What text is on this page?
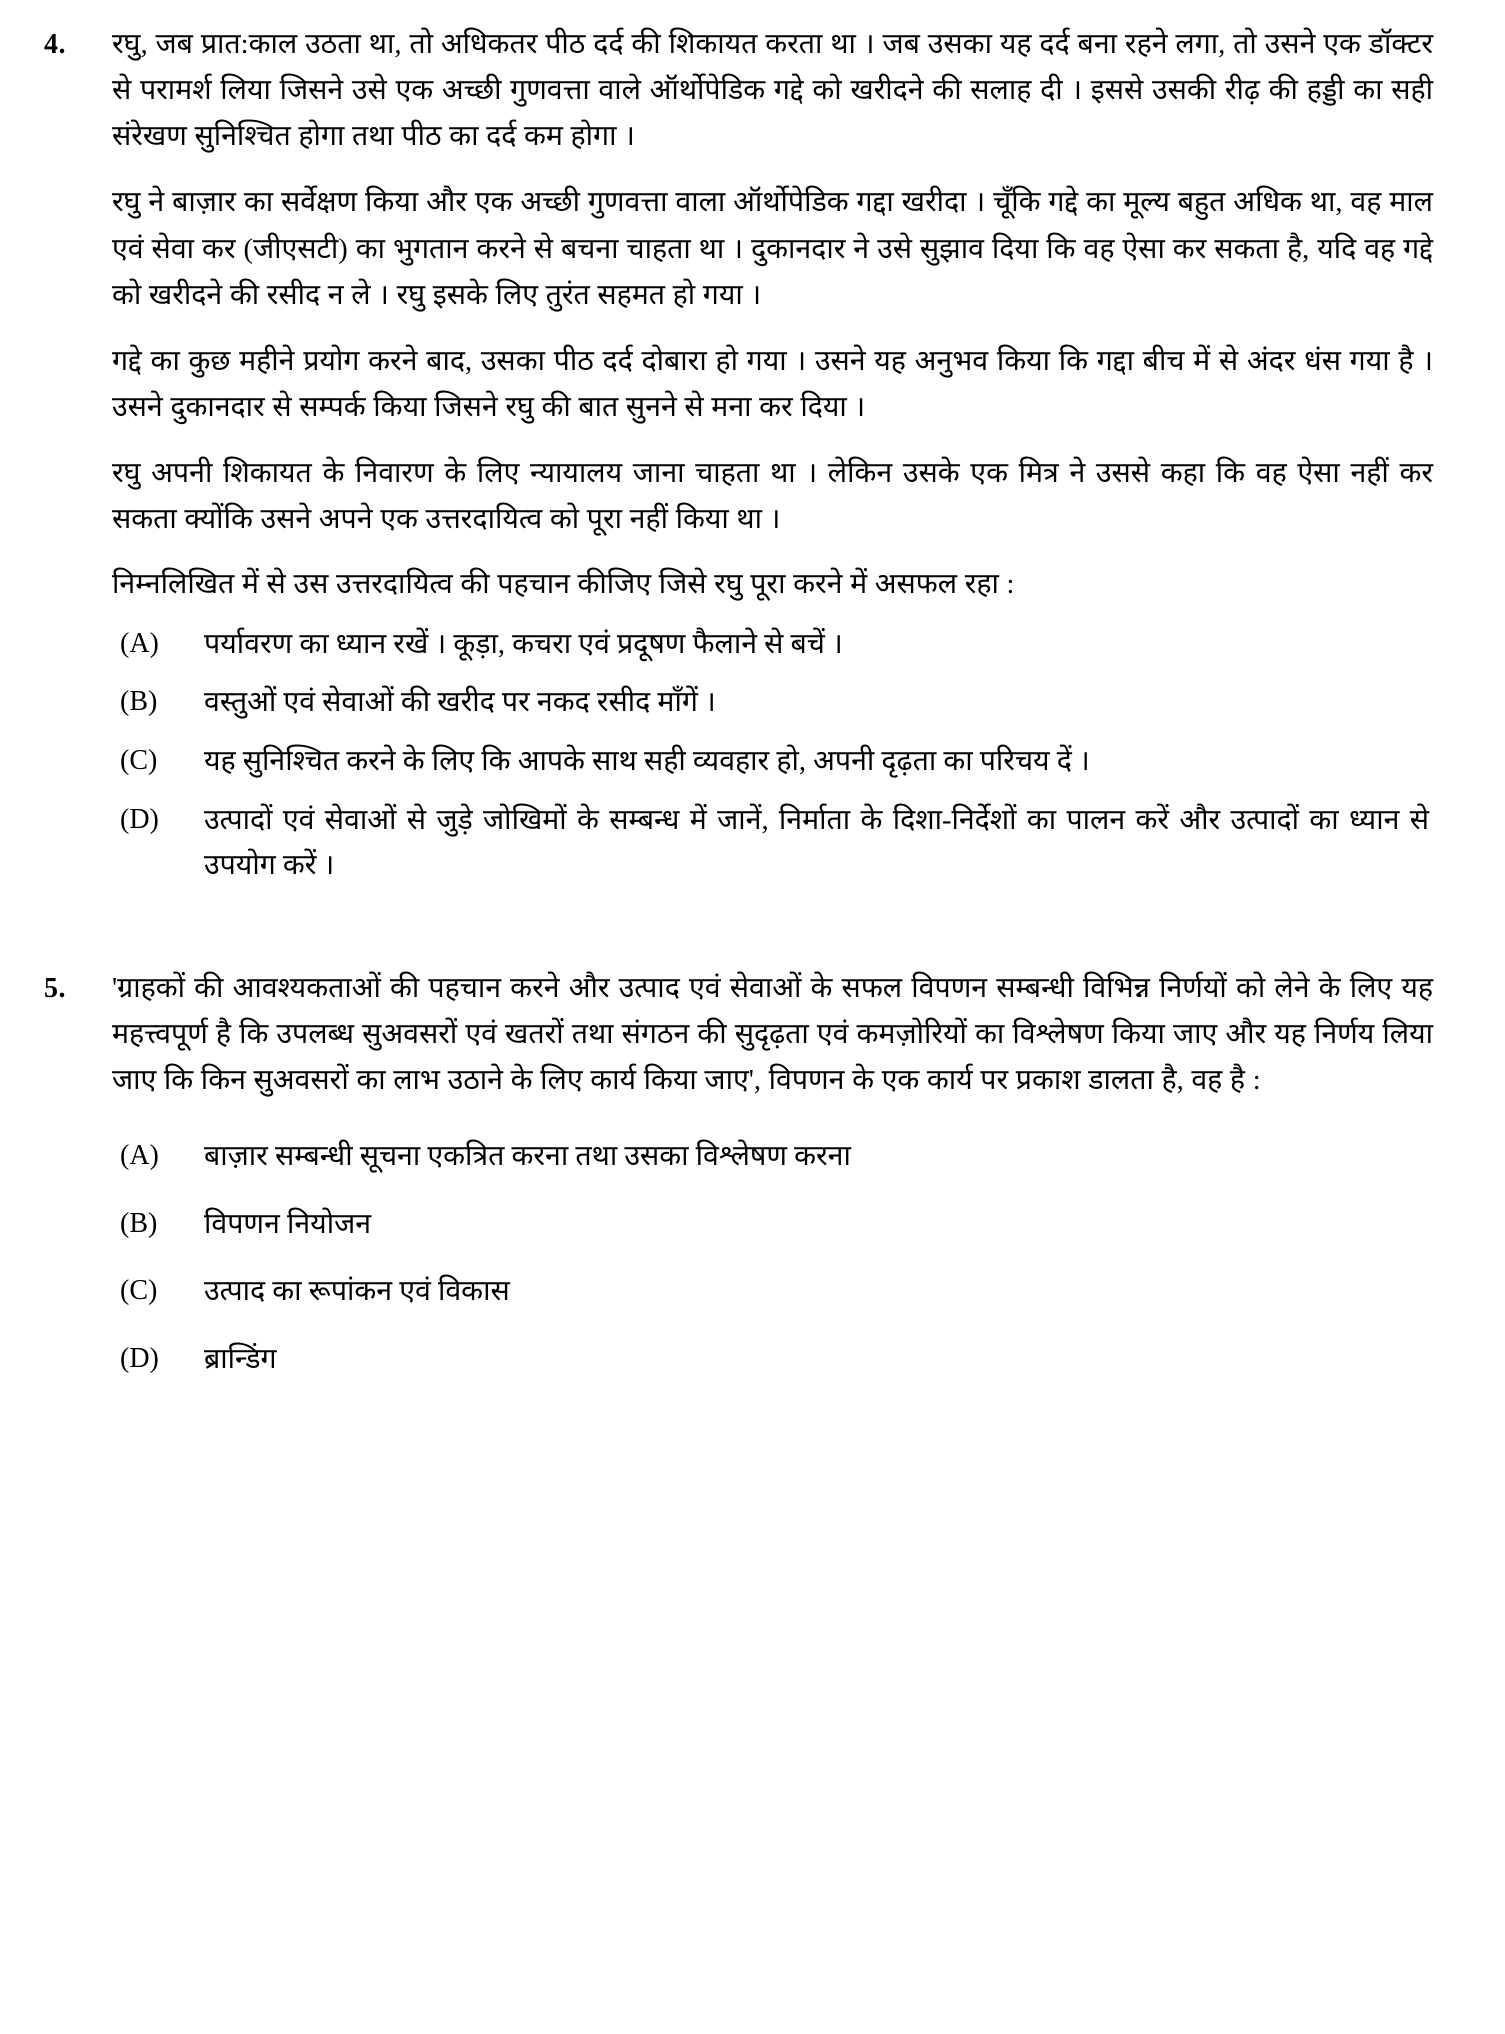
4.	रघु, जब प्रात:काल उठता था, तो अधिकतर पीठ दर्द की शिकायत करता था । जब उसका यह दर्द बना रहने लगा, तो उसने एक डॉक्टर से परामर्श लिया जिसने उसे एक अच्छी गुणवत्ता वाले ऑर्थोपेडिक गद्दे को खरीदने की सलाह दी । इससे उसकी रीढ़ की हड्डी का सही संरेखण सुनिश्चित होगा तथा पीठ का दर्द कम होगा ।

रघु ने बाज़ार का सर्वेक्षण किया और एक अच्छी गुणवत्ता वाला ऑर्थोपेडिक गद्दा खरीदा । चूँकि गद्दे का मूल्य बहुत अधिक था, वह माल एवं सेवा कर (जीएसटी) का भुगतान करने से बचना चाहता था । दुकानदार ने उसे सुझाव दिया कि वह ऐसा कर सकता है, यदि वह गद्दे को खरीदने की रसीद न ले । रघु इसके लिए तुरंत सहमत हो गया ।

गद्दे का कुछ महीने प्रयोग करने बाद, उसका पीठ दर्द दोबारा हो गया । उसने यह अनुभव किया कि गद्दा बीच में से अंदर धंस गया है । उसने दुकानदार से सम्पर्क किया जिसने रघु की बात सुनने से मना कर दिया ।

रघु अपनी शिकायत के निवारण के लिए न्यायालय जाना चाहता था । लेकिन उसके एक मित्र ने उससे कहा कि वह ऐसा नहीं कर सकता क्योंकि उसने अपने एक उत्तरदायित्व को पूरा नहीं किया था ।

निम्नलिखित में से उस उत्तरदायित्व की पहचान कीजिए जिसे रघु पूरा करने में असफल रहा :

(A)	पर्यावरण का ध्यान रखें । कूड़ा, कचरा एवं प्रदूषण फैलाने से बचें ।
(B)	वस्तुओं एवं सेवाओं की खरीद पर नकद रसीद माँगें ।
(C)	यह सुनिश्चित करने के लिए कि आपके साथ सही व्यवहार हो, अपनी दृढ़ता का परिचय दें ।
(D)	उत्पादों एवं सेवाओं से जुड़े जोखिमों के सम्बन्ध में जानें, निर्माता के दिशा-निर्देशों का पालन करें और उत्पादों का ध्यान से उपयोग करें ।
5.	'ग्राहकों की आवश्यकताओं की पहचान करने और उत्पाद एवं सेवाओं के सफल विपणन सम्बन्धी विभिन्न निर्णयों को लेने के लिए यह महत्त्वपूर्ण है कि उपलब्ध सुअवसरों एवं खतरों तथा संगठन की सुदृढ़ता एवं कमज़ोरियों का विश्लेषण किया जाए और यह निर्णय लिया जाए कि किन सुअवसरों का लाभ उठाने के लिए कार्य किया जाए', विपणन के एक कार्य पर प्रकाश डालता है, वह है :

(A)	बाज़ार सम्बन्धी सूचना एकत्रित करना तथा उसका विश्लेषण करना
(B)	विपणन नियोजन
(C)	उत्पाद का रूपांकन एवं विकास
(D)	ब्रान्डिंग
